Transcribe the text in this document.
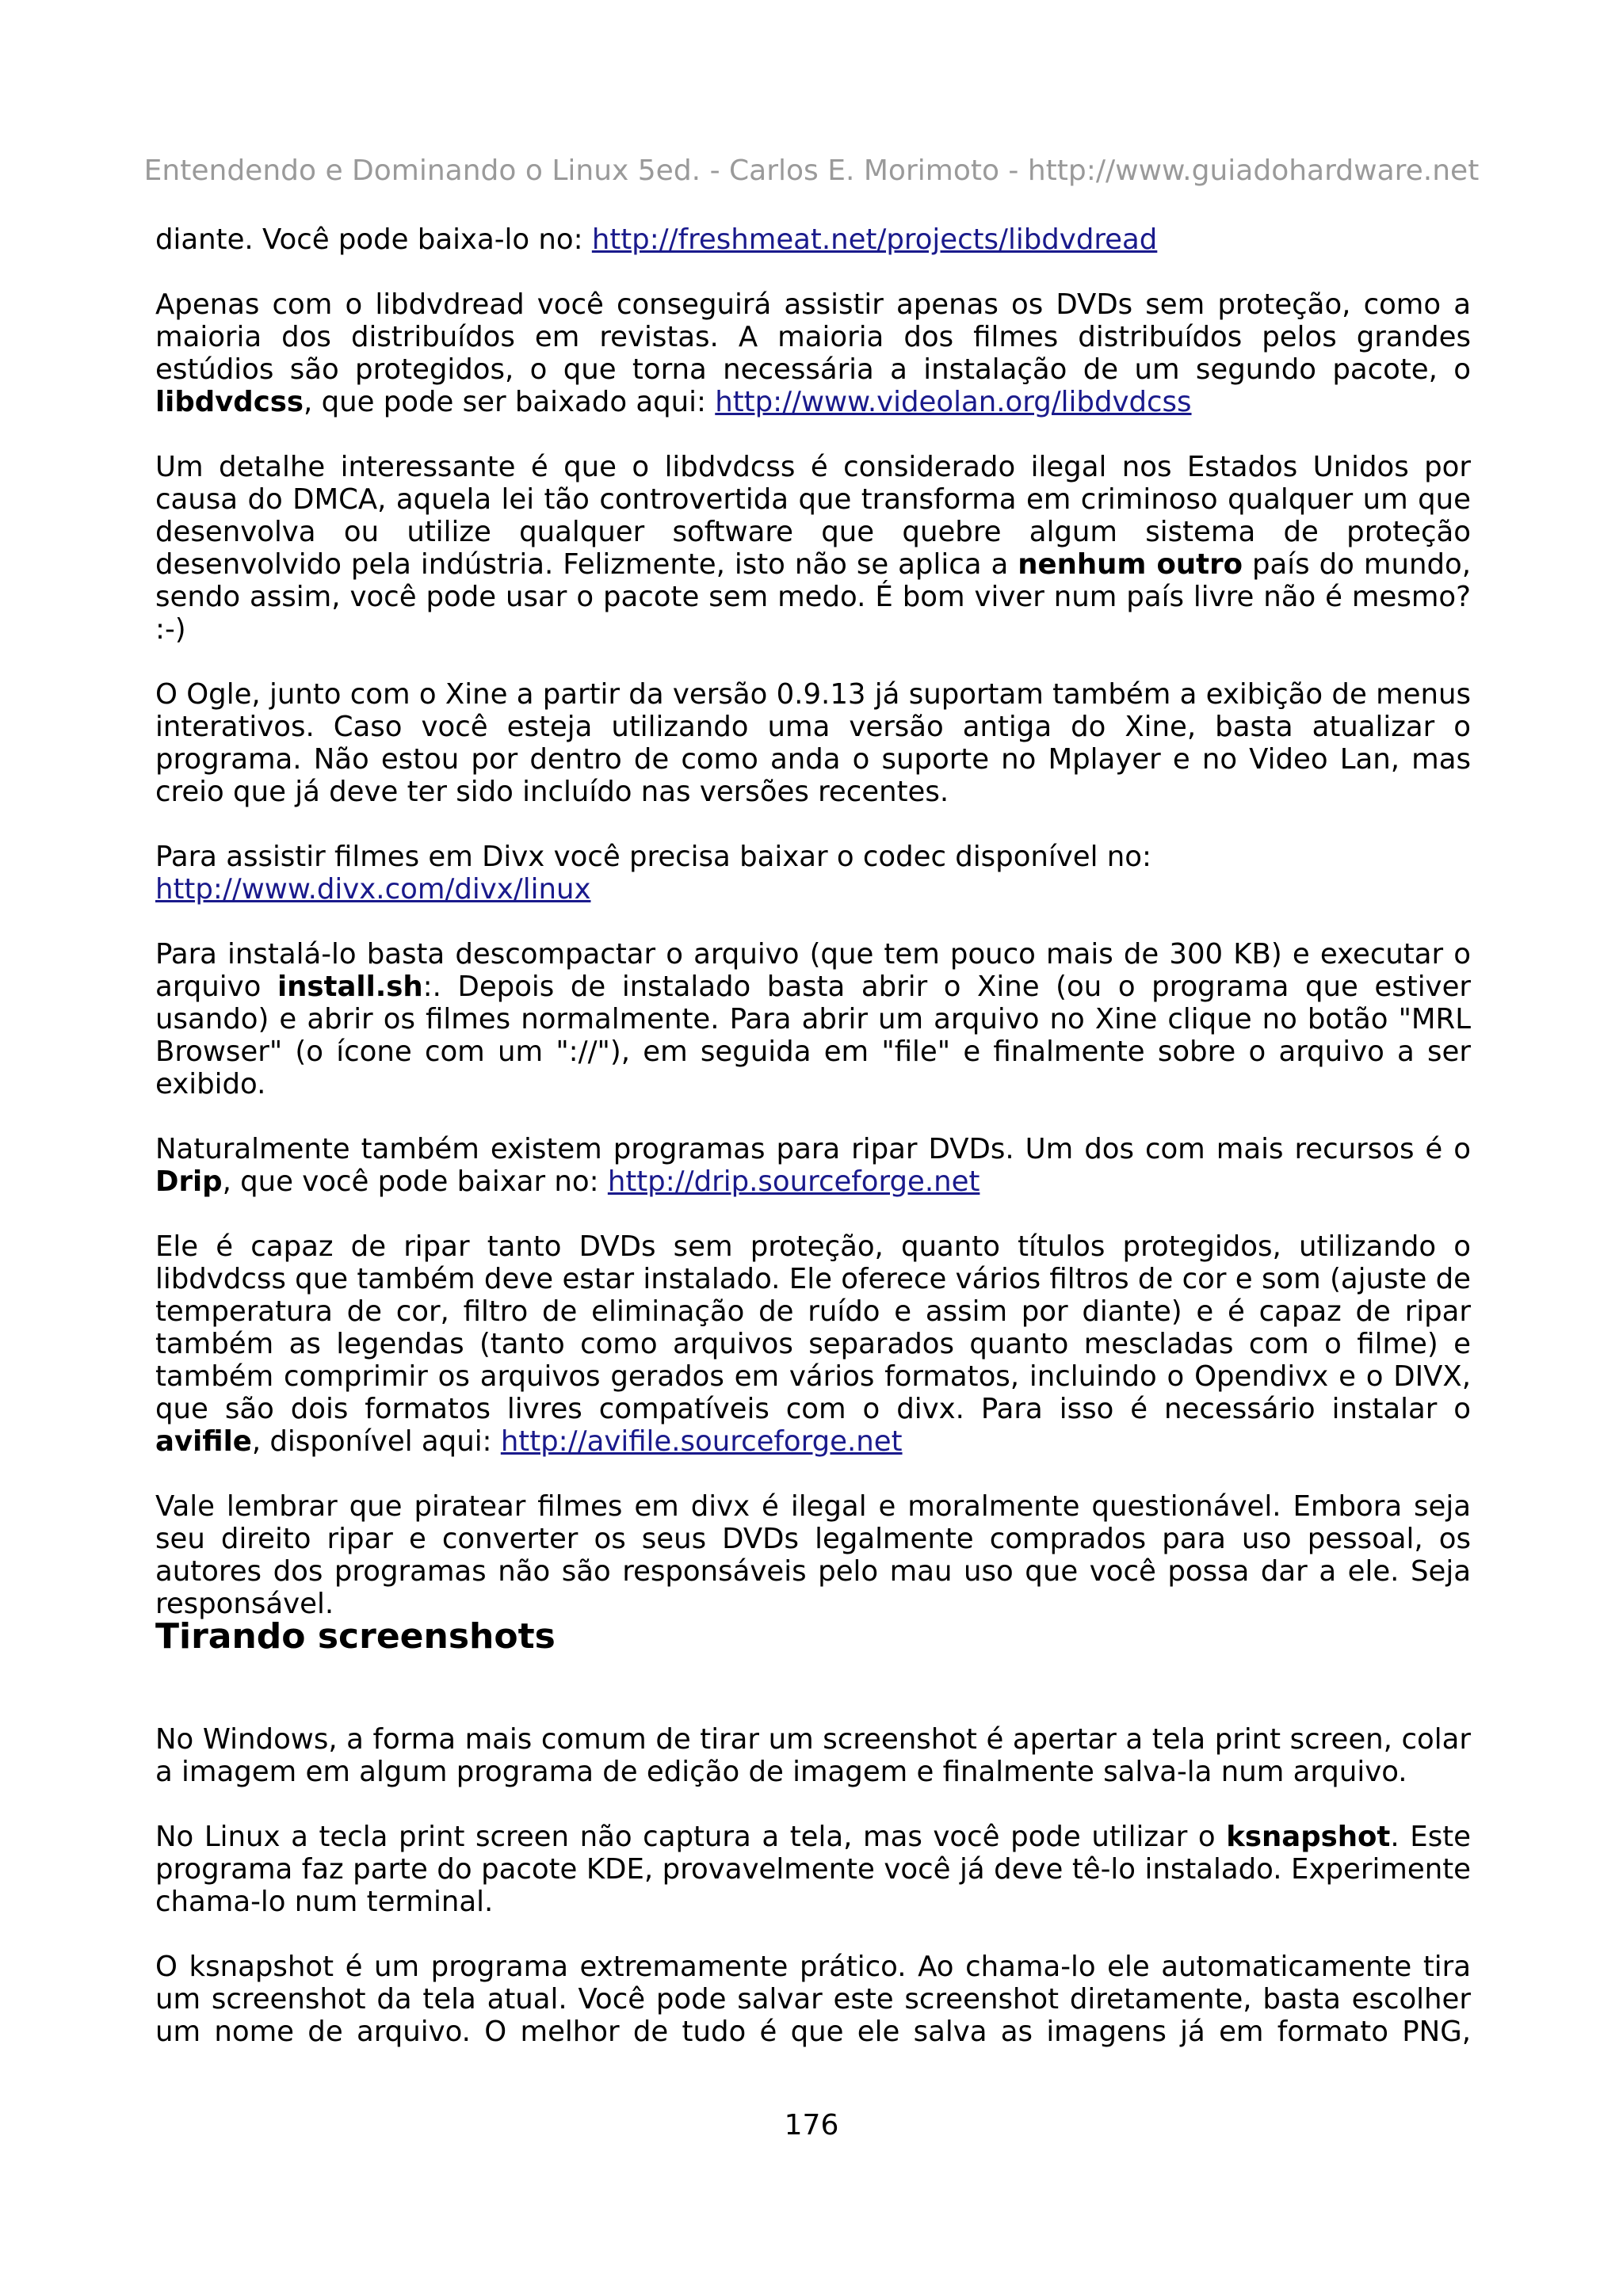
Entendendo e Dominando o Linux 5ed. - Carlos E. Morimoto - http://www.guiadohardware.net

diante. Você pode baixa-lo no: http://freshmeat.net/projects/libdvdread

Apenas com o libdvdread você conseguirá assistir apenas os DVDs sem proteção, como a maioria dos distribuídos em revistas. A maioria dos filmes distribuídos pelos grandes estúdios são protegidos, o que torna necessária a instalação de um segundo pacote, o libdvdcss, que pode ser baixado aqui: http://www.videolan.org/libdvdcss

Um detalhe interessante é que o libdvdcss é considerado ilegal nos Estados Unidos por causa do DMCA, aquela lei tão controvertida que transforma em criminoso qualquer um que desenvolva ou utilize qualquer software que quebre algum sistema de proteção desenvolvido pela indústria. Felizmente, isto não se aplica a nenhum outro país do mundo, sendo assim, você pode usar o pacote sem medo. É bom viver num país livre não é mesmo? :-)

O Ogle, junto com o Xine a partir da versão 0.9.13 já suportam também a exibição de menus interativos. Caso você esteja utilizando uma versão antiga do Xine, basta atualizar o programa. Não estou por dentro de como anda o suporte no Mplayer e no Video Lan, mas creio que já deve ter sido incluído nas versões recentes.

Para assistir filmes em Divx você precisa baixar o codec disponível no:
http://www.divx.com/divx/linux

Para instalá-lo basta descompactar o arquivo (que tem pouco mais de 300 KB) e executar o arquivo install.sh:. Depois de instalado basta abrir o Xine (ou o programa que estiver usando) e abrir os filmes normalmente. Para abrir um arquivo no Xine clique no botão "MRL Browser" (o ícone com um "://"), em seguida em "file" e finalmente sobre o arquivo a ser exibido.

Naturalmente também existem programas para ripar DVDs. Um dos com mais recursos é o Drip, que você pode baixar no: http://drip.sourceforge.net

Ele é capaz de ripar tanto DVDs sem proteção, quanto títulos protegidos, utilizando o libdvdcss que também deve estar instalado. Ele oferece vários filtros de cor e som (ajuste de temperatura de cor, filtro de eliminação de ruído e assim por diante) e é capaz de ripar também as legendas (tanto como arquivos separados quanto mescladas com o filme) e também comprimir os arquivos gerados em vários formatos, incluindo o Opendivx e o DIVX, que são dois formatos livres compatíveis com o divx. Para isso é necessário instalar o avifile, disponível aqui: http://avifile.sourceforge.net

Vale lembrar que piratear filmes em divx é ilegal e moralmente questionável. Embora seja seu direito ripar e converter os seus DVDs legalmente comprados para uso pessoal, os autores dos programas não são responsáveis pelo mau uso que você possa dar a ele. Seja responsável.

Tirando screenshots

No Windows, a forma mais comum de tirar um screenshot é apertar a tela print screen, colar a imagem em algum programa de edição de imagem e finalmente salva-la num arquivo.

No Linux a tecla print screen não captura a tela, mas você pode utilizar o ksnapshot. Este programa faz parte do pacote KDE, provavelmente você já deve tê-lo instalado. Experimente chama-lo num terminal.

O ksnapshot é um programa extremamente prático. Ao chama-lo ele automaticamente tira um screenshot da tela atual. Você pode salvar este screenshot diretamente, basta escolher um nome de arquivo. O melhor de tudo é que ele salva as imagens já em formato PNG,

176
